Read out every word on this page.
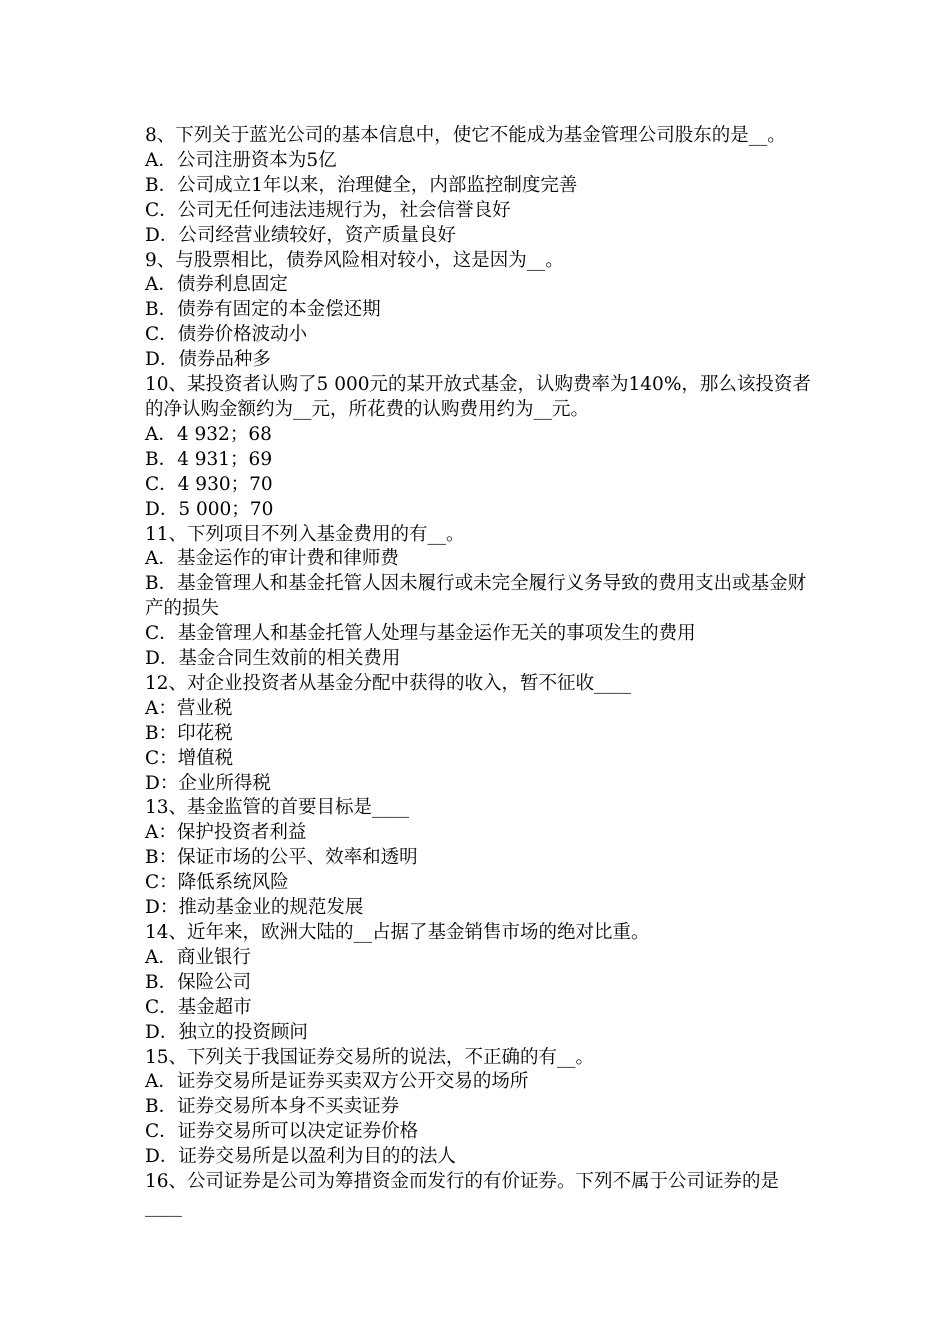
8、下列关于蓝光公司的基本信息中，使它不能成为基金管理公司股东的是__。

A．公司注册资本为5亿

B．公司成立1年以来，治理健全，内部监控制度完善

C．公司无任何违法违规行为，社会信誉良好

D．公司经营业绩较好，资产质量良好

9、与股票相比，债券风险相对较小，这是因为__。

A．债券利息固定

B．债券有固定的本金偿还期

C．债券价格波动小

D．债券品种多

10、某投资者认购了5 000元的某开放式基金，认购费率为140%，那么该投资者的净认购金额约为__元，所花费的认购费用约为__元。

A．4 932；68

B．4 931；69

C．4 930；70

D．5 000；70

11、下列项目不列入基金费用的有__。

A．基金运作的审计费和律师费

B．基金管理人和基金托管人因未履行或未完全履行义务导致的费用支出或基金财产的损失

C．基金管理人和基金托管人处理与基金运作无关的事项发生的费用

D．基金合同生效前的相关费用

12、对企业投资者从基金分配中获得的收入，暂不征收____

A：营业税

B：印花税

C：增值税

D：企业所得税

13、基金监管的首要目标是____

A：保护投资者利益

B：保证市场的公平、效率和透明

C：降低系统风险

D：推动基金业的规范发展

14、近年来，欧洲大陆的__占据了基金销售市场的绝对比重。

A．商业银行

B．保险公司

C．基金超市

D．独立的投资顾问

15、下列关于我国证券交易所的说法，不正确的有__。

A．证券交易所是证券买卖双方公开交易的场所

B．证券交易所本身不买卖证券

C．证券交易所可以决定证券价格

D．证券交易所是以盈利为目的的法人

16、公司证券是公司为筹措资金而发行的有价证券。下列不属于公司证券的是____
